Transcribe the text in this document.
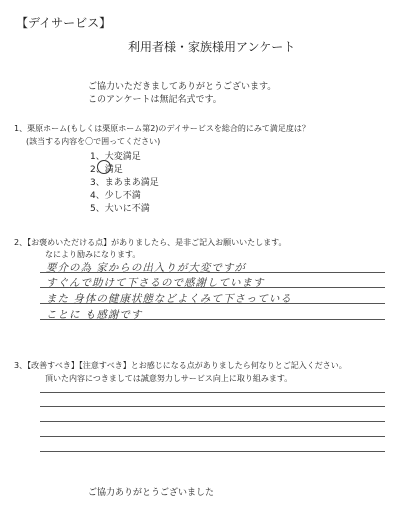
【デイサービス】
利用者様・家族様用アンケート
ご協力いただきましてありがとうございます。
このアンケートは無記名式です。
1、栗原ホーム(もしくは栗原ホーム第2)のデイサービスを総合的にみて満足度は？
(該当する内容を〇で囲ってください)
1、大変満足
2、満足
3、まあまあ満足
4、少し不満
5、大いに不満
2、【お褒めいただける点】がありましたら、是非ご記入お願いいたします。
なにより励みになります。
要介の為 家からの出入りが大変ですが
すぐんで助けて下さるので感謝しています
また 身体の健康状態などよくみて下さっている
ことに も感謝です
3、【改善すべき】【注意すべき】とお感じになる点がありましたら何なりとご記入ください。
頂いた内容につきましては誠意努力しサービス向上に取り組みます。
ご協力ありがとうございました
